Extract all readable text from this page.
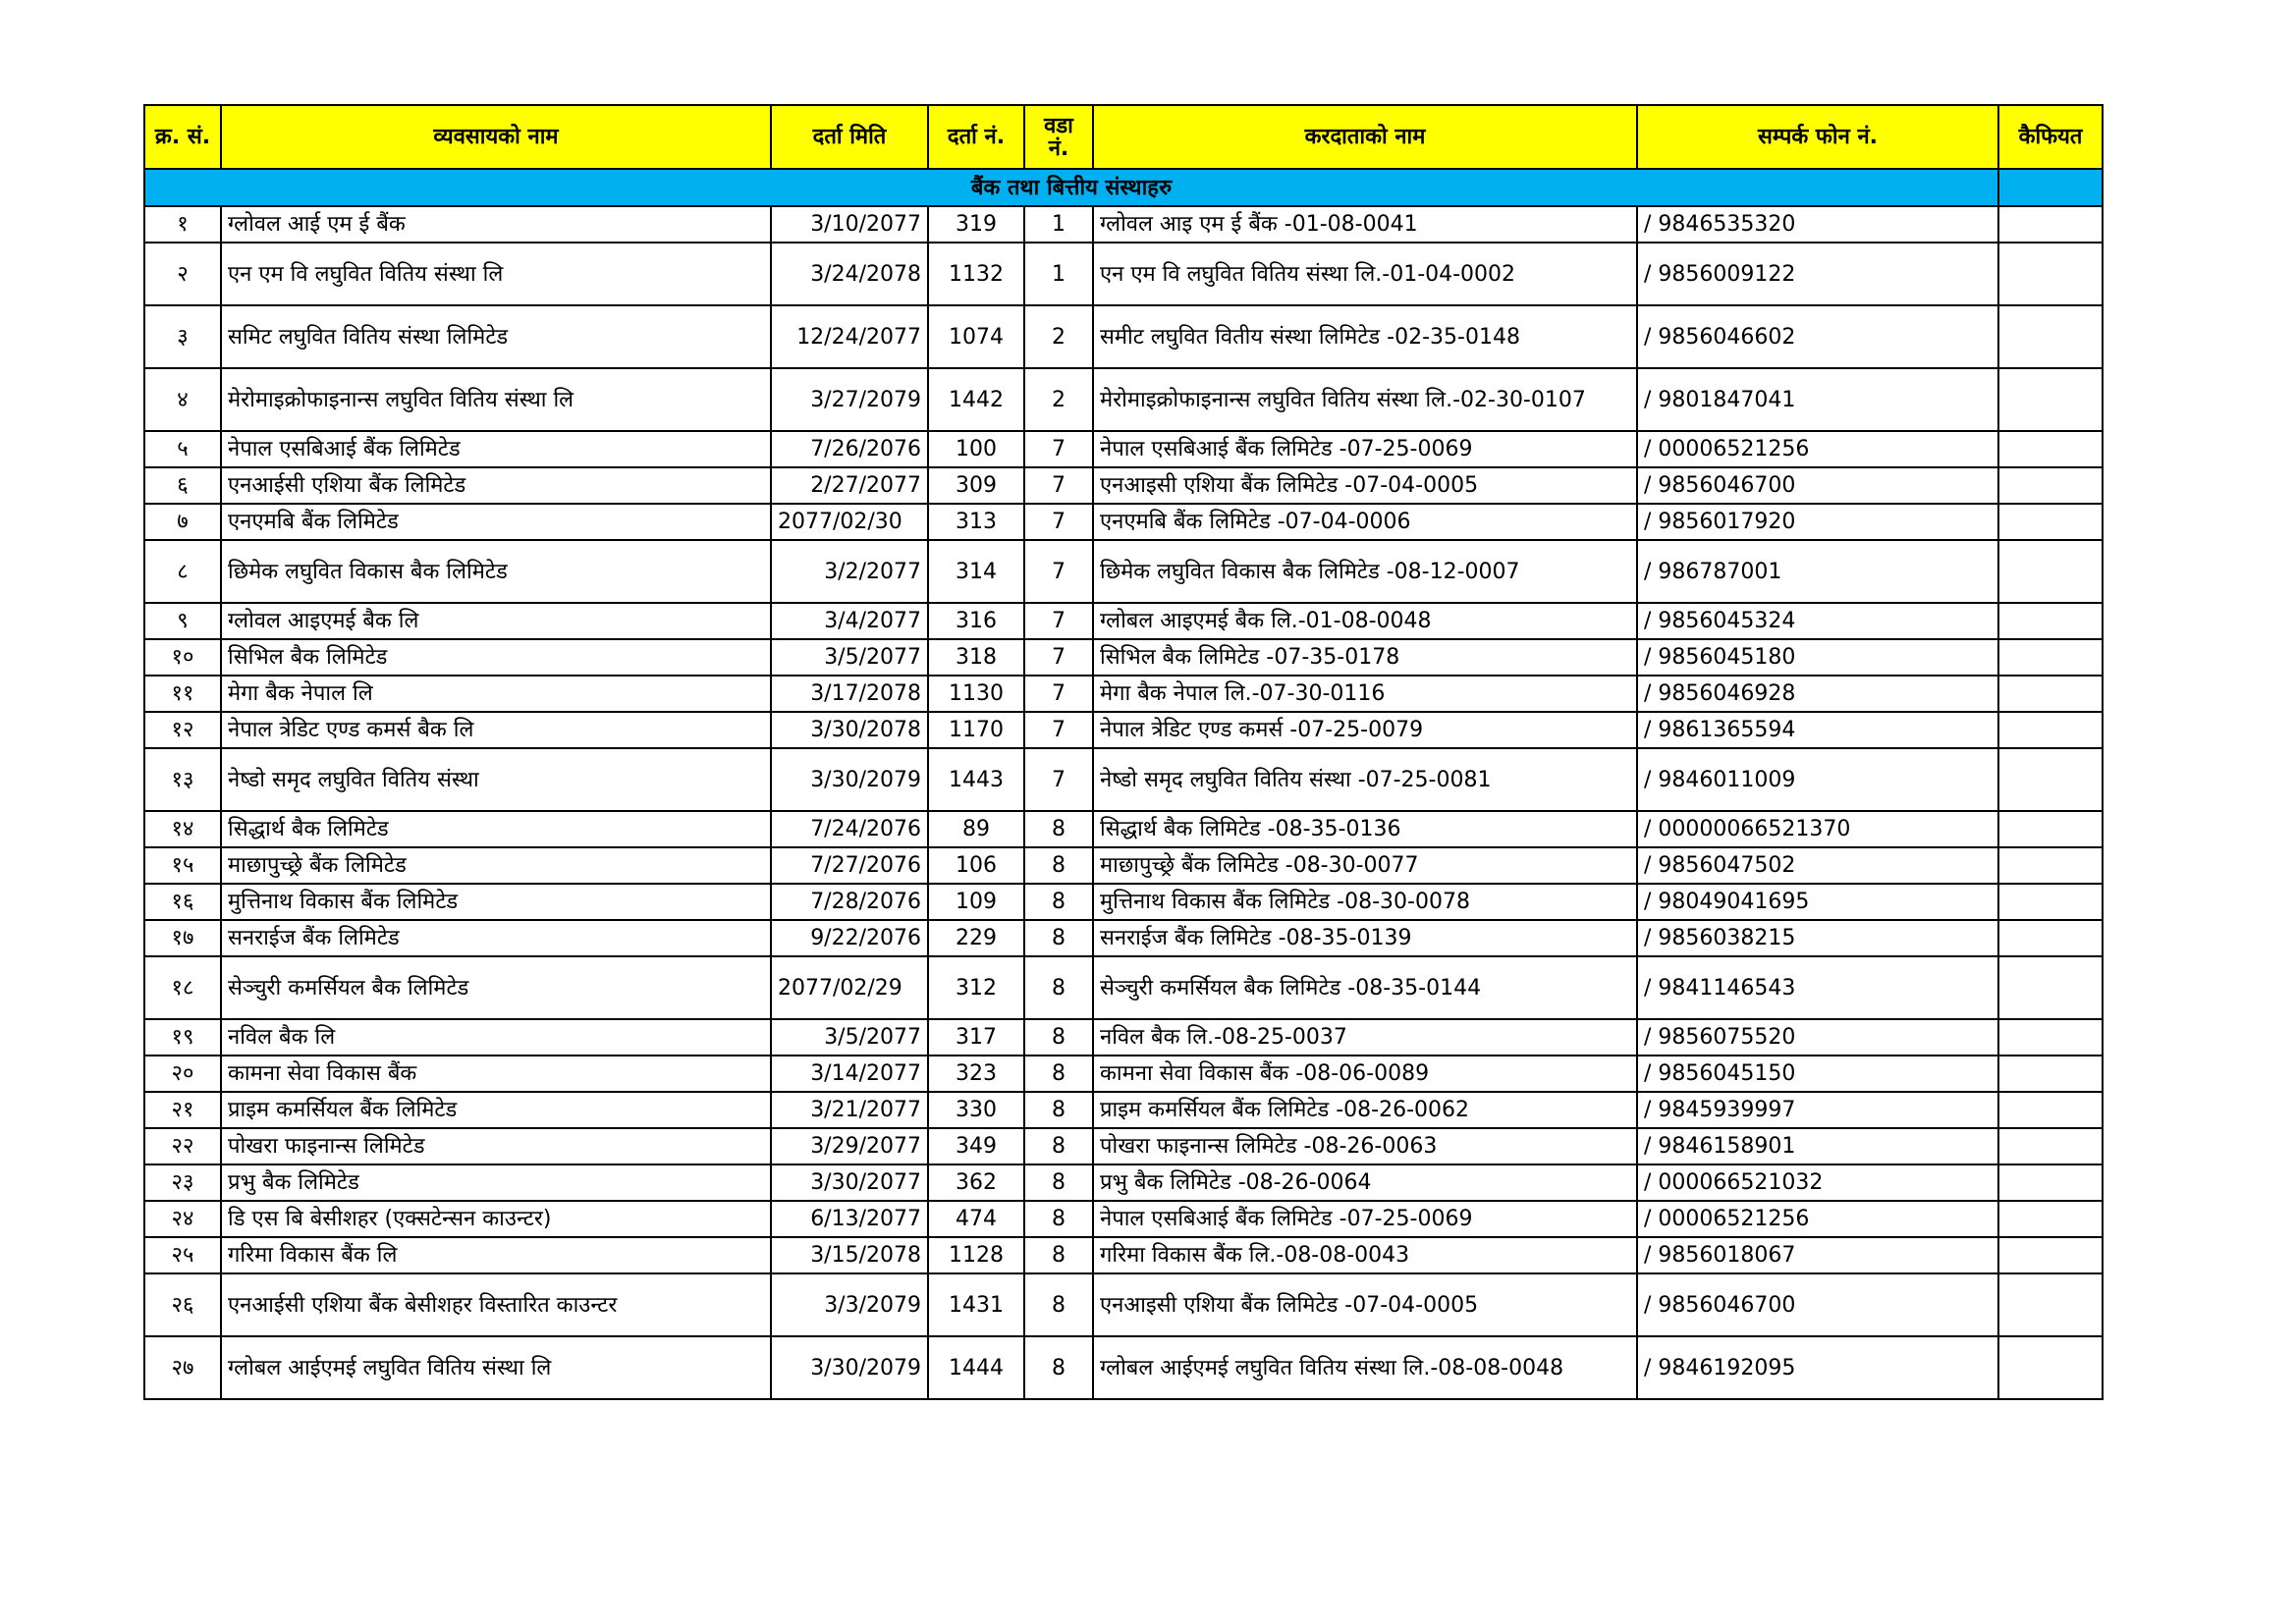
क्र. सं.	व्यवसायको नाम	दर्ता मिति	दर्ता नं.	वडा नं.	करदाताको नाम	सम्पर्क फोन नं.	कैफियत
बैंक तथा बित्तीय संस्थाहरु							
१	ग्लोवल आई एम ई बैंक	3/10/2077	319	1	ग्लोवल आइ एम ई बैंक -01-08-0041	/ 9846535320	
२	एन एम वि लघुवित वितिय संस्था लि	3/24/2078	1132	1	एन एम वि लघुवित वितिय संस्था लि.-01-04-0002	/ 9856009122	
३	समिट लघुवित वितिय संस्था लिमिटेड	12/24/2077	1074	2	समीट लघुवित वितीय संस्था लिमिटेड -02-35-0148	/ 9856046602	
४	मेरोमाइक्रोफाइनान्स लघुवित वितिय संस्था लि	3/27/2079	1442	2	मेरोमाइक्रोफाइनान्स लघुवित वितिय संस्था लि.-02-30-0107	/ 9801847041	
५	नेपाल एसबिआई बैंक लिमिटेड	7/26/2076	100	7	नेपाल एसबिआई बैंक लिमिटेड -07-25-0069	/ 00006521256	
६	एनआईसी एशिया बैंक लिमिटेड	2/27/2077	309	7	एनआइसी एशिया बैंक लिमिटेड -07-04-0005	/ 9856046700	
७	एनएमबि बैंक लिमिटेड	2077/02/30	313	7	एनएमबि बैंक लिमिटेड -07-04-0006	/ 9856017920	
८	छिमेक लघुवित विकास बैक लिमिटेड	3/2/2077	314	7	छिमेक लघुवित विकास बैक लिमिटेड -08-12-0007	/ 986787001	
९	ग्लोवल आइएमई बैक लि	3/4/2077	316	7	ग्लोबल आइएमई बैक लि.-01-08-0048	/ 9856045324	
१०	सिभिल बैक लिमिटेड	3/5/2077	318	7	सिभिल बैक लिमिटेड -07-35-0178	/ 9856045180	
११	मेगा बैक नेपाल लि	3/17/2078	1130	7	मेगा बैक नेपाल लि.-07-30-0116	/ 9856046928	
१२	नेपाल त्रेडिट एण्ड कमर्स बैक लि	3/30/2078	1170	7	नेपाल त्रेडिट एण्ड कमर्स -07-25-0079	/ 9861365594	
१३	नेष्डो समृद लघुवित वितिय संस्था	3/30/2079	1443	7	नेष्डो समृद लघुवित वितिय संस्था -07-25-0081	/ 9846011009	
१४	सिद्धार्थ बैक लिमिटेड	7/24/2076	89	8	सिद्धार्थ बैक लिमिटेड -08-35-0136	/ 00000066521370	
१५	माछापुच्छ्रे बैंक लिमिटेड	7/27/2076	106	8	माछापुच्छ्रे बैंक लिमिटेड -08-30-0077	/ 9856047502	
१६	मुत्तिनाथ विकास बैंक लिमिटेड	7/28/2076	109	8	मुत्तिनाथ विकास बैंक लिमिटेड -08-30-0078	/ 98049041695	
१७	सनराईज बैंक लिमिटेड	9/22/2076	229	8	सनराईज बैंक लिमिटेड -08-35-0139	/ 9856038215	
१८	सेञ्चुरी कमर्सियल बैक लिमिटेड	2077/02/29	312	8	सेञ्चुरी कमर्सियल बैक लिमिटेड -08-35-0144	/ 9841146543	
१९	नविल बैक लि	3/5/2077	317	8	नविल बैक लि.-08-25-0037	/ 9856075520	
२०	कामना सेवा विकास बैंक	3/14/2077	323	8	कामना सेवा विकास बैंक -08-06-0089	/ 9856045150	
२१	प्राइम कमर्सियल बैंक लिमिटेड	3/21/2077	330	8	प्राइम कमर्सियल बैंक लिमिटेड -08-26-0062	/ 9845939997	
२२	पोखरा फाइनान्स लिमिटेड	3/29/2077	349	8	पोखरा फाइनान्स लिमिटेड -08-26-0063	/ 9846158901	
२३	प्रभु बैक लिमिटेड	3/30/2077	362	8	प्रभु बैक लिमिटेड -08-26-0064	/ 000066521032	
२४	डि एस बि बेसीशहर (एक्सटेन्सन काउन्टर)	6/13/2077	474	8	नेपाल एसबिआई बैंक लिमिटेड -07-25-0069	/ 00006521256	
२५	गरिमा विकास बैंक लि	3/15/2078	1128	8	गरिमा विकास बैंक लि.-08-08-0043	/ 9856018067	
२६	एनआईसी एशिया बैंक बेसीशहर विस्तारित काउन्टर	3/3/2079	1431	8	एनआइसी एशिया बैंक लिमिटेड -07-04-0005	/ 9856046700	
२७	ग्लोबल आईएमई लघुवित वितिय संस्था लि	3/30/2079	1444	8	ग्लोबल आईएमई लघुवित वितिय संस्था लि.-08-08-0048	/ 9846192095	
